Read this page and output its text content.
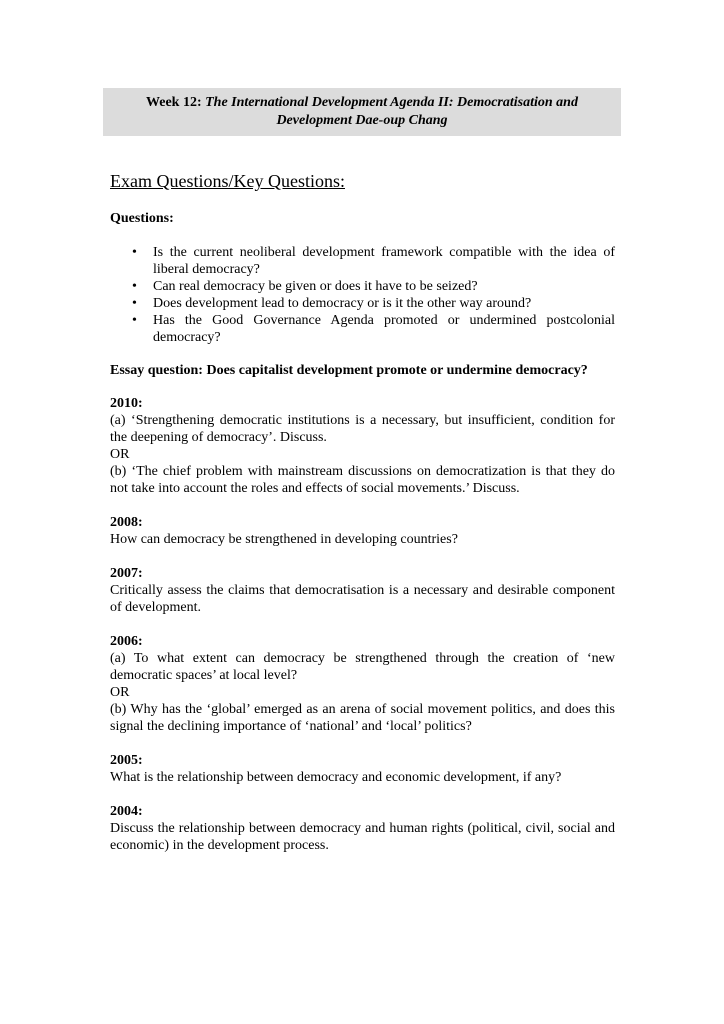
Week 12: The International Development Agenda II: Democratisation and
Development Dae-oup Chang
Exam Questions/Key Questions:

Questions:

• Is the current neoliberal development framework compatible with the idea of liberal democracy?
• Can real democracy be given or does it have to be seized?
• Does development lead to democracy or is it the other way around?
• Has the Good Governance Agenda promoted or undermined postcolonial democracy?

Essay question: Does capitalist development promote or undermine democracy?

2010:

(a) ‘Strengthening democratic institutions is a necessary, but insufficient, condition for the deepening of democracy’. Discuss.

OR

(b) ‘The chief problem with mainstream discussions on democratization is that they do not take into account the roles and effects of social movements.’ Discuss.

2008:

How can democracy be strengthened in developing countries?

2007:

Critically assess the claims that democratisation is a necessary and desirable component of development.

2006:

(a) To what extent can democracy be strengthened through the creation of ‘new democratic spaces’ at local level?

OR

(b) Why has the ‘global’ emerged as an arena of social movement politics, and does this signal the declining importance of ‘national’ and ‘local’ politics?

2005:

What is the relationship between democracy and economic development, if any?

2004:

Discuss the relationship between democracy and human rights (political, civil, social and economic) in the development process.
